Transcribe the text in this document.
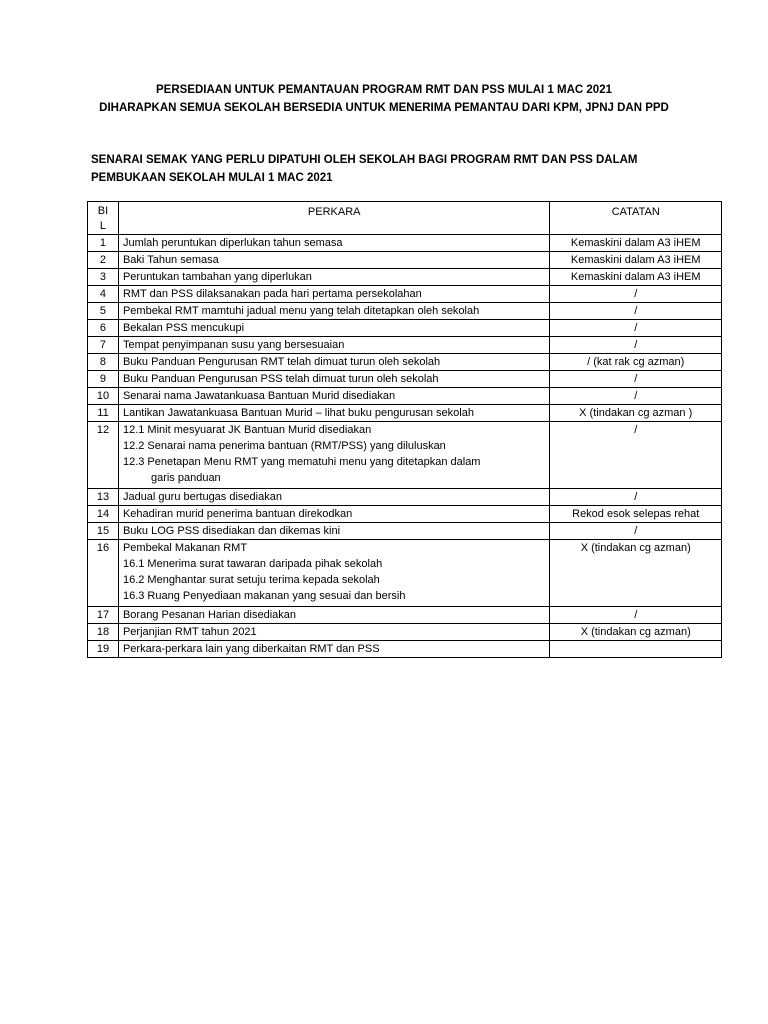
PERSEDIAAN UNTUK PEMANTAUAN PROGRAM RMT DAN PSS MULAI 1 MAC 2021
DIHARAPKAN SEMUA SEKOLAH BERSEDIA UNTUK MENERIMA PEMANTAU DARI KPM, JPNJ DAN PPD
SENARAI SEMAK YANG PERLU DIPATUHI OLEH SEKOLAH BAGI PROGRAM RMT DAN PSS DALAM
PEMBUKAAN SEKOLAH MULAI 1 MAC 2021
BI
L	PERKARA	CATATAN
1	Jumlah peruntukan diperlukan tahun semasa	Kemaskini dalam A3 iHEM
2	Baki Tahun semasa	Kemaskini dalam A3 iHEM
3	Peruntukan tambahan yang diperlukan	Kemaskini dalam A3 iHEM
4	RMT dan PSS dilaksanakan pada hari pertama persekolahan	/
5	Pembekal RMT mamtuhi jadual menu yang telah ditetapkan oleh sekolah	/
6	Bekalan PSS mencukupi	/
7	Tempat penyimpanan susu yang bersesuaian	/
8	Buku Panduan Pengurusan RMT telah dimuat turun oleh sekolah	/ (kat rak cg azman)
9	Buku Panduan Pengurusan PSS telah dimuat turun oleh sekolah	/
10	Senarai nama Jawatankuasa Bantuan Murid disediakan	/
11	Lantikan Jawatankuasa Bantuan Murid – lihat buku pengurusan sekolah	X (tindakan cg azman )
12	12.1 Minit mesyuarat JK Bantuan Murid disediakan
12.2 Senarai nama penerima bantuan (RMT/PSS) yang diluluskan
12.3 Penetapan Menu RMT yang mematuhi menu yang ditetapkan dalam
garis panduan	/
13	Jadual guru bertugas disediakan	/
14	Kehadiran murid penerima bantuan direkodkan	Rekod esok selepas rehat
15	Buku LOG PSS disediakan dan dikemas kini	/
16	Pembekal Makanan RMT
16.1 Menerima surat tawaran daripada pihak sekolah
16.2 Menghantar surat setuju terima kepada sekolah
16.3 Ruang Penyediaan makanan yang sesuai dan bersih	X (tindakan cg azman)
17	Borang Pesanan Harian disediakan	/
18	Perjanjian RMT tahun 2021	X (tindakan cg azman)
19	Perkara-perkara lain yang diberkaitan RMT dan PSS	
